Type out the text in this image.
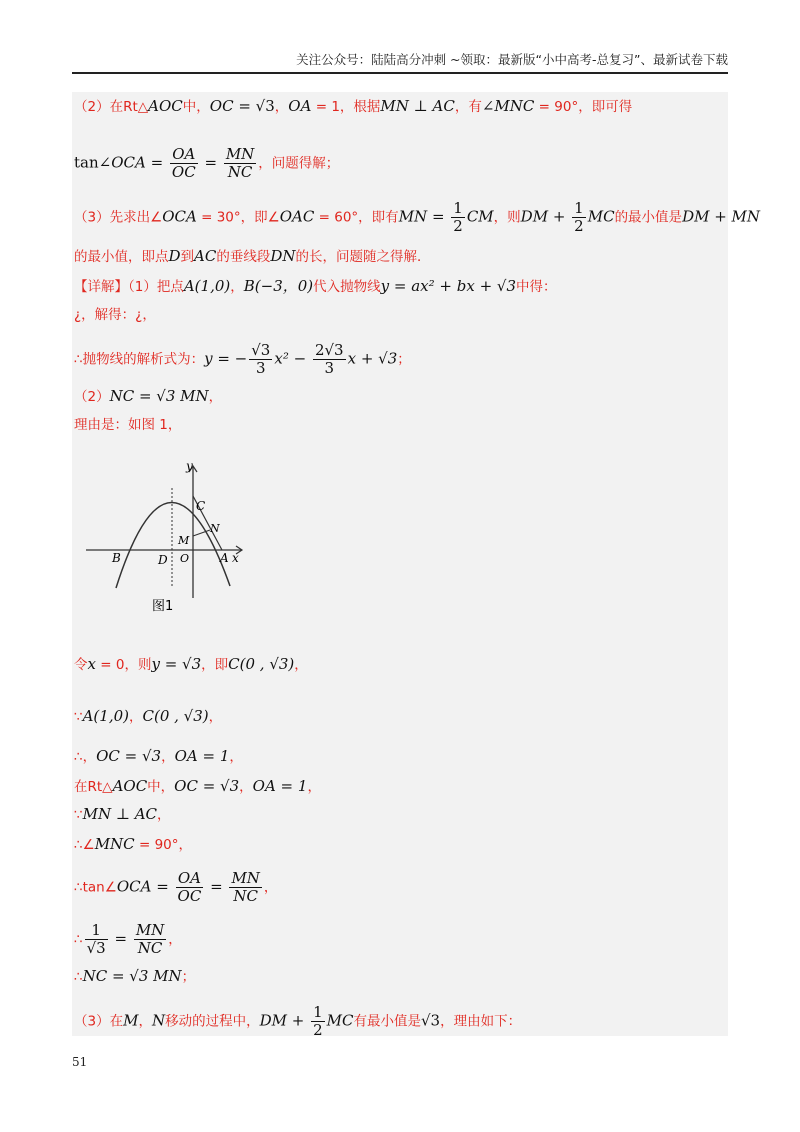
关注公众号：陆陆高分冲刺 ~领取：最新版“小中高考-总复习”、最新试卷下载
（2）在Rt△AOC中，OC = √3，OA = 1，根据MN ⊥ AC，有∠MNC = 90°，即可得
tan∠OCA = $\frac{OA}{OC} = \frac{MN}{NC}$ ，问题得解；
（3）先求出∠OCA = 30°，即∠OAC = 60°，即有MN = $\frac{1}{2}$ CM，则DM + $\frac{1}{2}$ MC的最小值是DM + MN
的最小值，即点D到AC的垂线段DN的长，问题随之得解．
【详解】（1）把点A(1,0)，B(−3，0)代入抛物线y = ax² + bx + √3中得：
¿，解得：¿，
∴抛物线的解析式为：y = − $\frac{√3}{3} x^2 - \frac{2√3}{3}$ x + √3；
（2）NC = √3 MN，
理由是：如图 1，
y
x
C
N
M
O
B	D	A
图1
令x = 0，则y = √3，即C(0 , √3)，
∵A(1,0)，C(0 , √3)，
∴，OC = √3，OA = 1，
在Rt△AOC中，OC = √3，OA = 1，
∵MN ⊥ AC，
∴∠MNC = 90°，
∴tan∠OCA = $\frac{OA}{OC} = \frac{MN}{NC}$ ，
∴ $\frac{1}{√3} = \frac{MN}{NC}$ ，
∴NC = √3 MN；
（3）在M，N移动的过程中，DM + $\frac{1}{2}$ MC有最小值是√3，理由如下：
51
